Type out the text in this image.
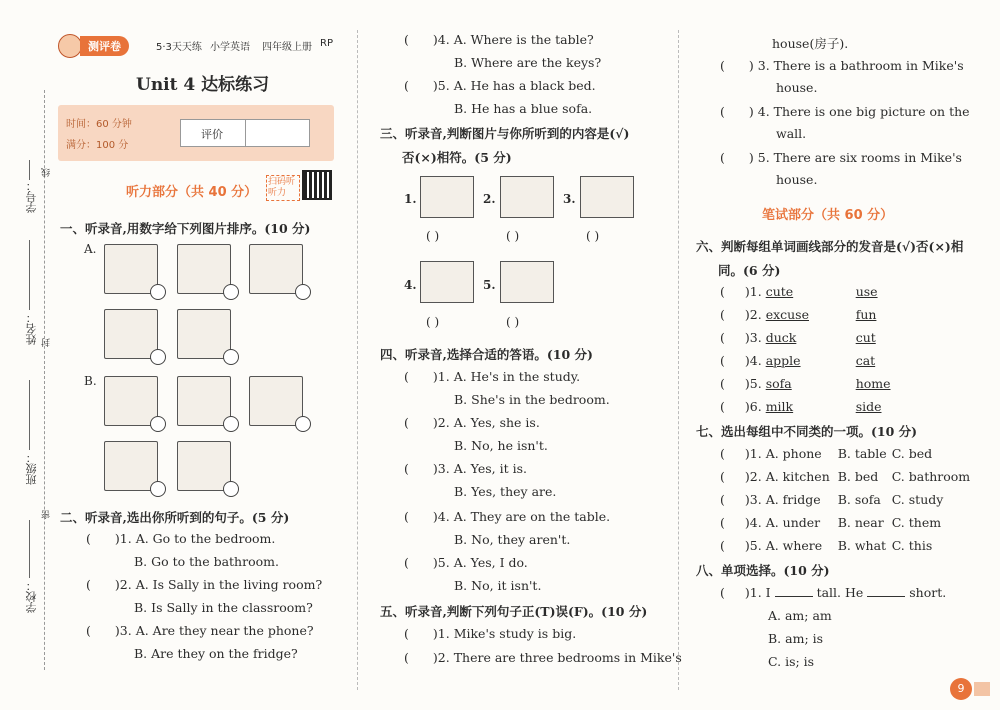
学号：
线
姓名： 封
班级：
密
学校：
测评卷	5·3天天练 小学英语 四年级上册 RP
Unit 4 达标练习
时间：60 分钟
满分：100 分
评价
听力部分（共 40 分）
扫码听听力
一、听录音,用数字给下列图片排序。(10 分)
A.
B.
二、听录音,选出你所听到的句子。(5 分)
( )1. A. Go to the bedroom.
B. Go to the bathroom.
( )2. A. Is Sally in the living room?
B. Is Sally in the classroom?
( )3. A. Are they near the phone?
B. Are they on the fridge?
( )4. A. Where is the table?
B. Where are the keys?
( )5. A. He has a black bed.
B. He has a blue sofa.
三、听录音,判断图片与你所听到的内容是(√)
否(×)相符。(5 分)
1.
( )
2.
( )
3.
( )
4.
( )
5.
( )
四、听录音,选择合适的答语。(10 分)
( )1. A. He's in the study.
B. She's in the bedroom.
( )2. A. Yes, she is.
B. No, he isn't.
( )3. A. Yes, it is.
B. Yes, they are.
( )4. A. They are on the table.
B. No, they aren't.
( )5. A. Yes, I do.
B. No, it isn't.
五、听录音,判断下列句子正(T)误(F)。(10 分)
( )1. Mike's study is big.
( )2. There are three bedrooms in Mike's
house(房子).
( ) 3. There is a bathroom in Mike's
house.
( ) 4. There is one big picture on the
wall.
( ) 5. There are six rooms in Mike's
house.
笔试部分（共 60 分）
六、判断每组单词画线部分的发音是(√)否(×)相
同。(6 分)
( )1. cute	use
( )2. excuse	fun
( )3. duck	cut
( )4. apple	cat
( )5. sofa	home
( )6. milk	side
七、选出每组中不同类的一项。(10 分)
( )1. A. phone B. table C. bed
( )2. A. kitchen B. bed C. bathroom
( )3. A. fridge B. sofa C. study
( )4. A. under B. near C. them
( )5. A. where B. what C. this
八、单项选择。(10 分)
( )1. I	tall. He	short.
A. am; am
B. am; is
C. is; is
9
